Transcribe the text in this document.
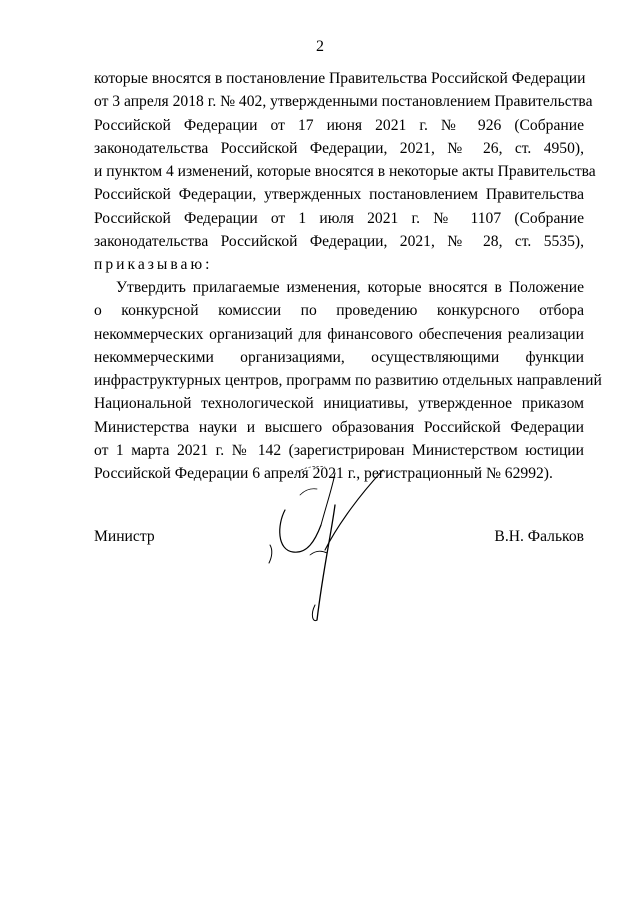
2
которые вносятся в постановление Правительства Российской Федерации
от 3 апреля 2018 г. № 402, утвержденными постановлением Правительства
Российской Федерации от 17 июня 2021 г. № 926 (Собрание
законодательства Российской Федерации, 2021, № 26, ст. 4950),
и пунктом 4 изменений, которые вносятся в некоторые акты Правительства
Российской Федерации, утвержденных постановлением Правительства
Российской Федерации от 1 июля 2021 г. № 1107 (Собрание
законодательства Российской Федерации, 2021, № 28, ст. 5535),
приказываю:
Утвердить прилагаемые изменения, которые вносятся в Положение
о конкурсной комиссии по проведению конкурсного отбора
некоммерческих организаций для финансового обеспечения реализации
некоммерческими организациями, осуществляющими функции
инфраструктурных центров, программ по развитию отдельных направлений
Национальной технологической инициативы, утвержденное приказом
Министерства науки и высшего образования Российской Федерации
от 1 марта 2021 г. № 142 (зарегистрирован Министерством юстиции
Российской Федерации 6 апреля 2021 г., регистрационный № 62992).
Министр	В.Н. Фальков
